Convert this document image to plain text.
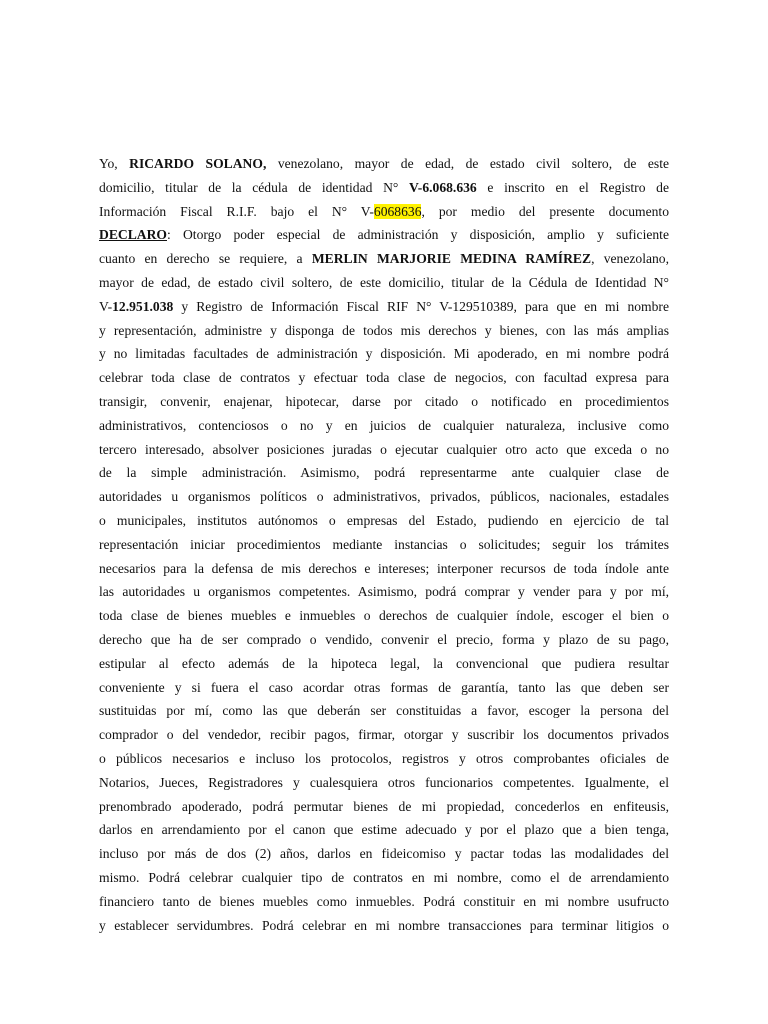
Yo, RICARDO SOLANO, venezolano, mayor de edad, de estado civil soltero, de este
domicilio, titular de la cédula de identidad N° V-6.068.636 e inscrito en el Registro de
Información Fiscal R.I.F. bajo el N° V-6068636, por medio del presente documento
DECLARO: Otorgo poder especial de administración y disposición, amplio y suficiente
cuanto en derecho se requiere, a MERLIN MARJORIE MEDINA RAMÍREZ, venezolano,
mayor de edad, de estado civil soltero, de este domicilio, titular de la Cédula de Identidad N°
V-12.951.038 y Registro de Información Fiscal RIF N° V-129510389, para que en mi nombre
y representación, administre y disponga de todos mis derechos y bienes, con las más amplias
y no limitadas facultades de administración y disposición. Mi apoderado, en mi nombre podrá
celebrar toda clase de contratos y efectuar toda clase de negocios, con facultad expresa para
transigir, convenir, enajenar, hipotecar, darse por citado o notificado en procedimientos
administrativos, contenciosos o no y en juicios de cualquier naturaleza, inclusive como
tercero interesado, absolver posiciones juradas o ejecutar cualquier otro acto que exceda o no
de la simple administración. Asimismo, podrá representarme ante cualquier clase de
autoridades u organismos políticos o administrativos, privados, públicos, nacionales, estadales
o municipales, institutos autónomos o empresas del Estado, pudiendo en ejercicio de tal
representación iniciar procedimientos mediante instancias o solicitudes; seguir los trámites
necesarios para la defensa de mis derechos e intereses; interponer recursos de toda índole ante
las autoridades u organismos competentes. Asimismo, podrá comprar y vender para y por mí,
toda clase de bienes muebles e inmuebles o derechos de cualquier índole, escoger el bien o
derecho que ha de ser comprado o vendido, convenir el precio, forma y plazo de su pago,
estipular al efecto además de la hipoteca legal, la convencional que pudiera resultar
conveniente y si fuera el caso acordar otras formas de garantía, tanto las que deben ser
sustituidas por mí, como las que deberán ser constituidas a favor, escoger la persona del
comprador o del vendedor, recibir pagos, firmar, otorgar y suscribir los documentos privados
o públicos necesarios e incluso los protocolos, registros y otros comprobantes oficiales de
Notarios, Jueces, Registradores y cualesquiera otros funcionarios competentes. Igualmente, el
prenombrado apoderado, podrá permutar bienes de mi propiedad, concederlos en enfiteusis,
darlos en arrendamiento por el canon que estime adecuado y por el plazo que a bien tenga,
incluso por más de dos (2) años, darlos en fideicomiso y pactar todas las modalidades del
mismo. Podrá celebrar cualquier tipo de contratos en mi nombre, como el de arrendamiento
financiero tanto de bienes muebles como inmuebles. Podrá constituir en mi nombre usufructo
y establecer servidumbres. Podrá celebrar en mi nombre transacciones para terminar litigios o
